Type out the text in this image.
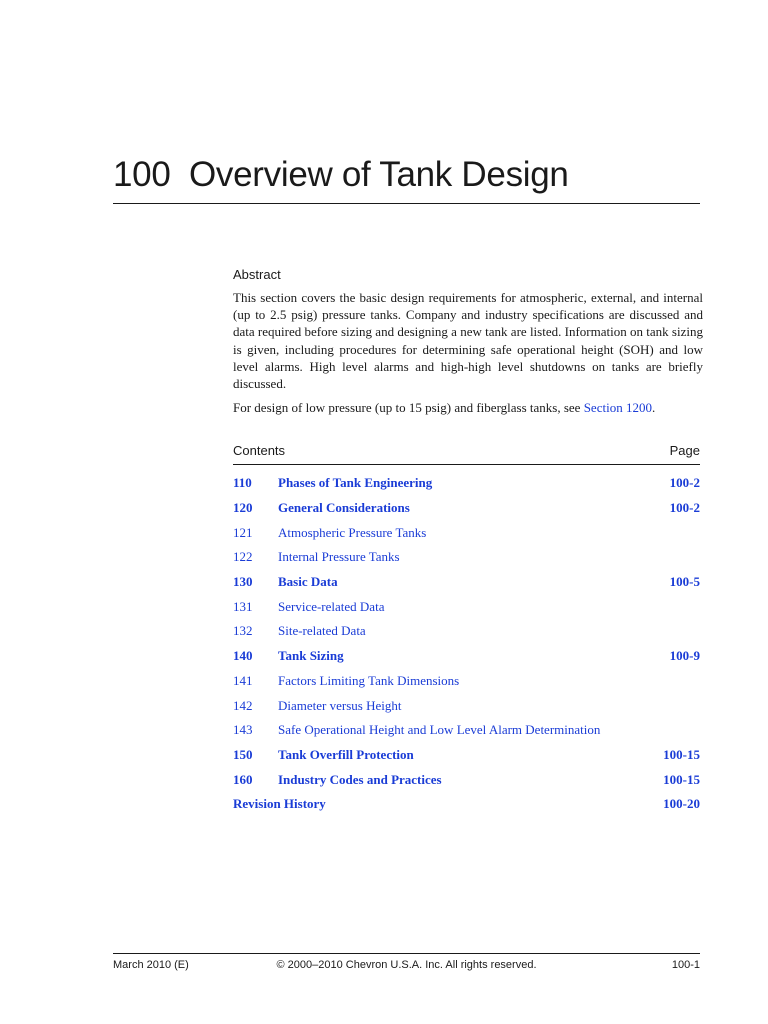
100 Overview of Tank Design
Abstract

This section covers the basic design requirements for atmospheric, external, and internal (up to 2.5 psig) pressure tanks. Company and industry specifications are discussed and data required before sizing and designing a new tank are listed. Information on tank sizing is given, including procedures for determining safe operational height (SOH) and low level alarms. High level alarms and high-high level shutdowns on tanks are briefly discussed.

For design of low pressure (up to 15 psig) and fiberglass tanks, see Section 1200.

Contents	Page
110	Phases of Tank Engineering	100-2
120	General Considerations	100-2
121	Atmospheric Pressure Tanks
122	Internal Pressure Tanks
130	Basic Data	100-5
131	Service-related Data
132	Site-related Data
140	Tank Sizing	100-9
141	Factors Limiting Tank Dimensions
142	Diameter versus Height
143	Safe Operational Height and Low Level Alarm Determination
150	Tank Overfill Protection	100-15
160	Industry Codes and Practices	100-15
Revision History	100-20
March 2010 (E)	© 2000–2010 Chevron U.S.A. Inc. All rights reserved.	100-1
